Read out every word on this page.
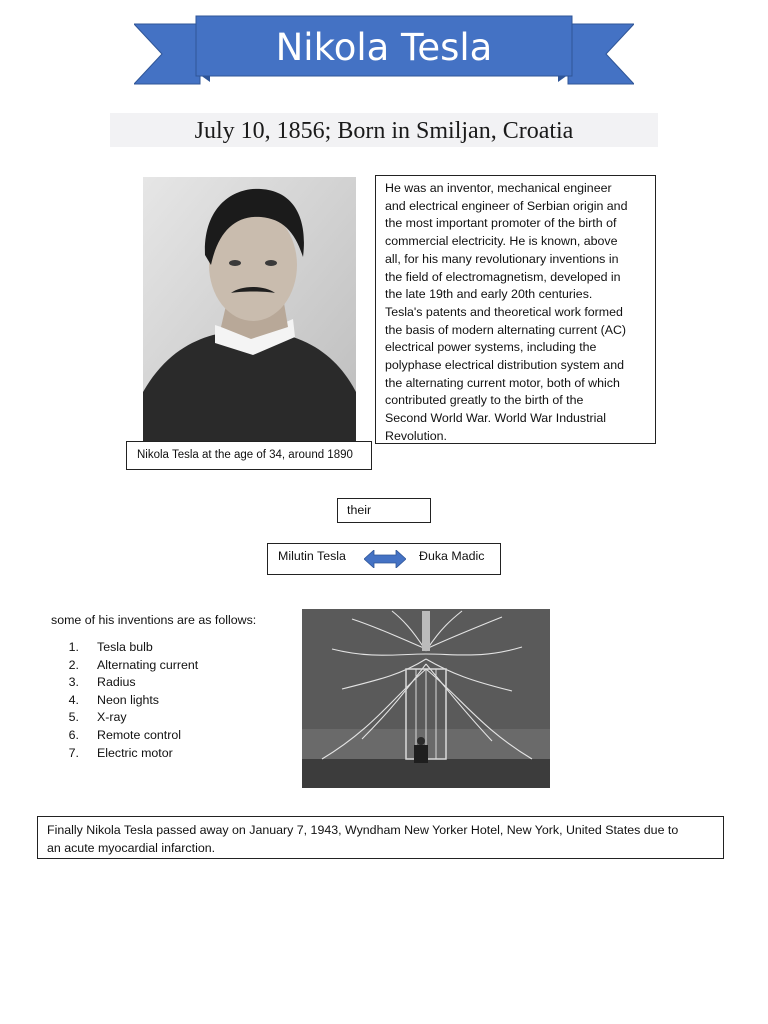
Nikola Tesla
July 10, 1856; Born in Smiljan, Croatia
Nikola Tesla at the age of 34, around 1890
He was an inventor, mechanical engineer
and electrical engineer of Serbian origin and
the most important promoter of the birth of
commercial electricity. He is known, above
all, for his many revolutionary inventions in
the field of electromagnetism, developed in
the late 19th and early 20th centuries.
Tesla's patents and theoretical work formed
the basis of modern alternating current (AC)
electrical power systems, including the
polyphase electrical distribution system and
the alternating current motor, both of which
contributed greatly to the birth of the
Second World War. World War Industrial
Revolution.
their
Milutin Tesla	Đuka Madic
some of his inventions are as follows:
1.	Tesla bulb
2.	Alternating current
3.	Radius
4.	Neon lights
5.	X-ray
6.	Remote control
7.	Electric motor
Finally Nikola Tesla passed away on January 7, 1943, Wyndham New Yorker Hotel, New York, United States due to
an acute myocardial infarction.
